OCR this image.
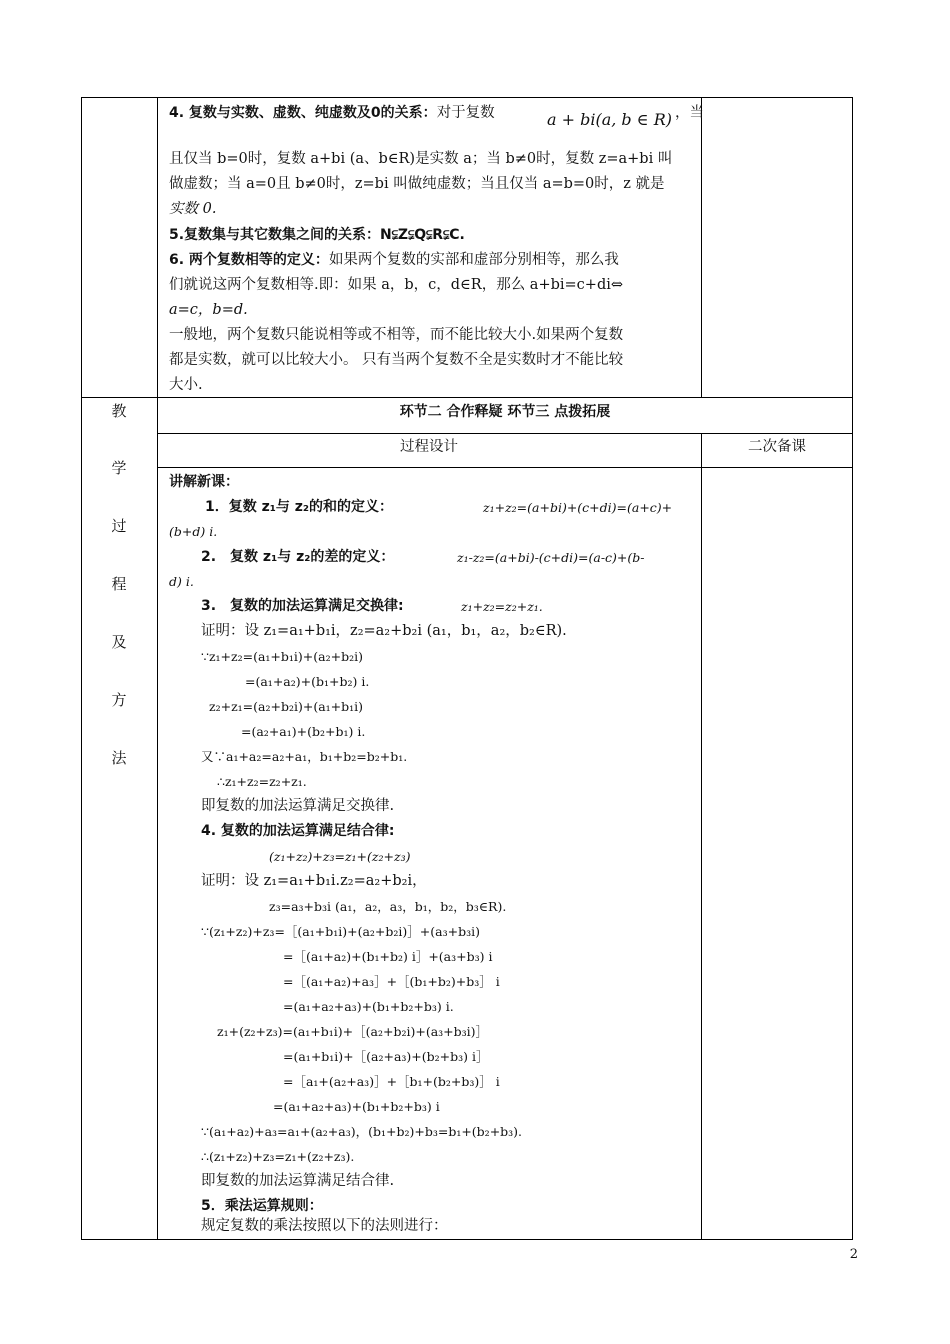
4. 复数与实数、虚数、纯虚数及0的关系：对于复数	a + bi(a, b ∈ R) ，当
且仅当 b=0时，复数 a+bi (a、b∈R)是实数 a；当 b≠0时，复数 z=a+bi 叫
做虚数；当 a=0且 b≠0时，z=bi 叫做纯虚数；当且仅当 a=b=0时，z 就是
实数 0.
5.复数集与其它数集之间的关系：N⫋Z⫋Q⫋R⫋C.
6. 两个复数相等的定义：如果两个复数的实部和虚部分别相等，那么我
们就说这两个复数相等.即：如果 a，b，c，d∈R，那么 a+bi=c+di⇔
a=c，b=d.
一般地，两个复数只能说相等或不相等，而不能比较大小.如果两个复数
都是实数，就可以比较大小。 只有当两个复数不全是实数时才不能比较
大小.
环节二 合作释疑 环节三 点拨拓展
过程设计	二次备课
教
学
过
程
及
方
法
讲解新课：
1．复数 z₁与 z₂的和的定义：	z₁+z₂=(a+bi)+(c+di)=(a+c)+
(b+d) i.
2.　复数 z₁与 z₂的差的定义：	z₁-z₂=(a+bi)-(c+di)=(a-c)+(b-
d) i.
3.　复数的加法运算满足交换律:	z₁+z₂=z₂+z₁.
证明：设 z₁=a₁+b₁i，z₂=a₂+b₂i (a₁，b₁，a₂，b₂∈R).
∵z₁+z₂=(a₁+b₁i)+(a₂+b₂i)
=(a₁+a₂)+(b₁+b₂) i.
z₂+z₁=(a₂+b₂i)+(a₁+b₁i)
=(a₂+a₁)+(b₂+b₁) i.
又∵a₁+a₂=a₂+a₁，b₁+b₂=b₂+b₁.
∴z₁+z₂=z₂+z₁.
即复数的加法运算满足交换律.
4. 复数的加法运算满足结合律:
(z₁+z₂)+z₃=z₁+(z₂+z₃)
证明：设 z₁=a₁+b₁i.z₂=a₂+b₂i，
z₃=a₃+b₃i (a₁，a₂，a₃，b₁，b₂，b₃∈R).
∵(z₁+z₂)+z₃=［(a₁+b₁i)+(a₂+b₂i)］+(a₃+b₃i)
=［(a₁+a₂)+(b₁+b₂) i］+(a₃+b₃) i
=［(a₁+a₂)+a₃］+［(b₁+b₂)+b₃］ i
=(a₁+a₂+a₃)+(b₁+b₂+b₃) i.
z₁+(z₂+z₃)=(a₁+b₁i)+［(a₂+b₂i)+(a₃+b₃i)］
=(a₁+b₁i)+［(a₂+a₃)+(b₂+b₃) i］
=［a₁+(a₂+a₃)］+［b₁+(b₂+b₃)］ i
=(a₁+a₂+a₃)+(b₁+b₂+b₃) i
∵(a₁+a₂)+a₃=a₁+(a₂+a₃)，(b₁+b₂)+b₃=b₁+(b₂+b₃).
∴(z₁+z₂)+z₃=z₁+(z₂+z₃).
即复数的加法运算满足结合律.
5．乘法运算规则：
规定复数的乘法按照以下的法则进行：
2
